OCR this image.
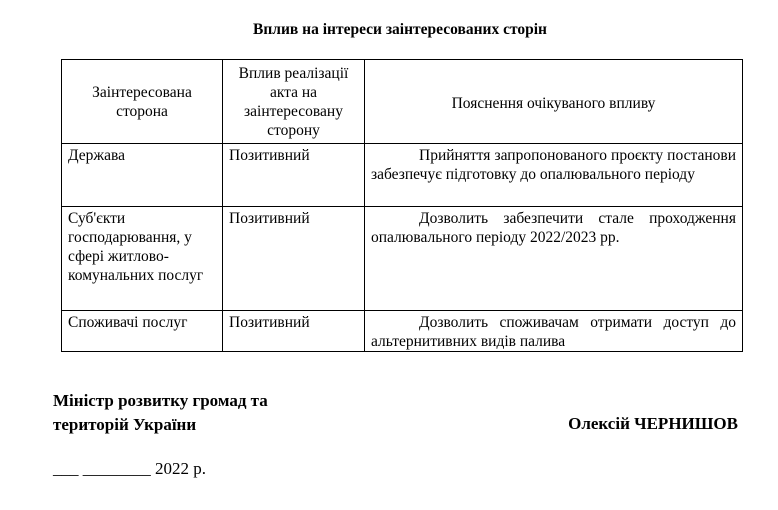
Вплив на інтереси заінтересованих сторін
Заінтересована сторона	Вплив реалізації акта на заінтересовану сторону	Пояснення очікуваного впливу
Держава	Позитивний	Прийняття запропонованого проєкту постанови забезпечує підготовку до опалювального періоду
Суб'єкти господарювання, у сфері житлово-комунальних послуг	Позитивний	Дозволить забезпечити стале проходження опалювального періоду 2022/2023 рр.
Споживачі послуг	Позитивний	Дозволить споживачам отримати доступ до альтернитивних видів палива
Міністр розвитку громад та
територій України	Олексій ЧЕРНИШОВ
___ ________ 2022 р.
